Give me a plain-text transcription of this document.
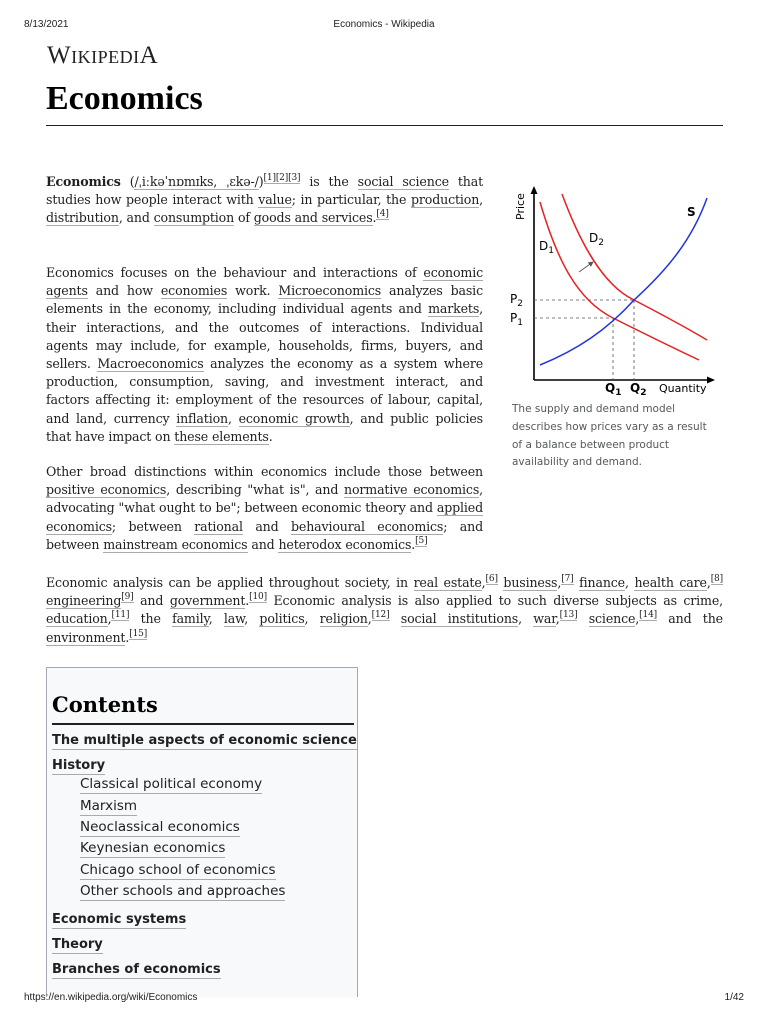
8/13/2021	Economics - Wikipedia
WIKIPEDIA
Economics

Economics (/ˌiːkəˈnɒmɪks, ˌɛkə-/)[1][2][3] is the social science that studies how people interact with value; in particular, the production, distribution, and consumption of goods and services.[4]

Economics focuses on the behaviour and interactions of economic agents and how economies work. Microeconomics analyzes basic elements in the economy, including individual agents and markets, their interactions, and the outcomes of interactions. Individual agents may include, for example, households, firms, buyers, and sellers. Macroeconomics analyzes the economy as a system where production, consumption, saving, and investment interact, and factors affecting it: employment of the resources of labour, capital, and land, currency inflation, economic growth, and public policies that have impact on these elements.

Other broad distinctions within economics include those between positive economics, describing "what is", and normative economics, advocating "what ought to be"; between economic theory and applied economics; between rational and behavioural economics; and between mainstream economics and heterodox economics.[5]

Economic analysis can be applied throughout society, in real estate,[6] business,[7] finance, health care,[8] engineering[9] and government.[10] Economic analysis is also applied to such diverse subjects as crime, education,[11] the family, law, politics, religion,[12] social institutions, war,[13] science,[14] and the environment.[15]

Price
Quantity
S
$D_1$
$D_2$
$P_2$
$P_1$
$Q_1$ $Q_2$
The supply and demand model describes how prices vary as a result of a balance between product availability and demand.
Contents
The multiple aspects of economic science
History
Classical political economy
Marxism
Neoclassical economics
Keynesian economics
Chicago school of economics
Other schools and approaches
Economic systems
Theory
Branches of economics
https://en.wikipedia.org/wiki/Economics	1/42
